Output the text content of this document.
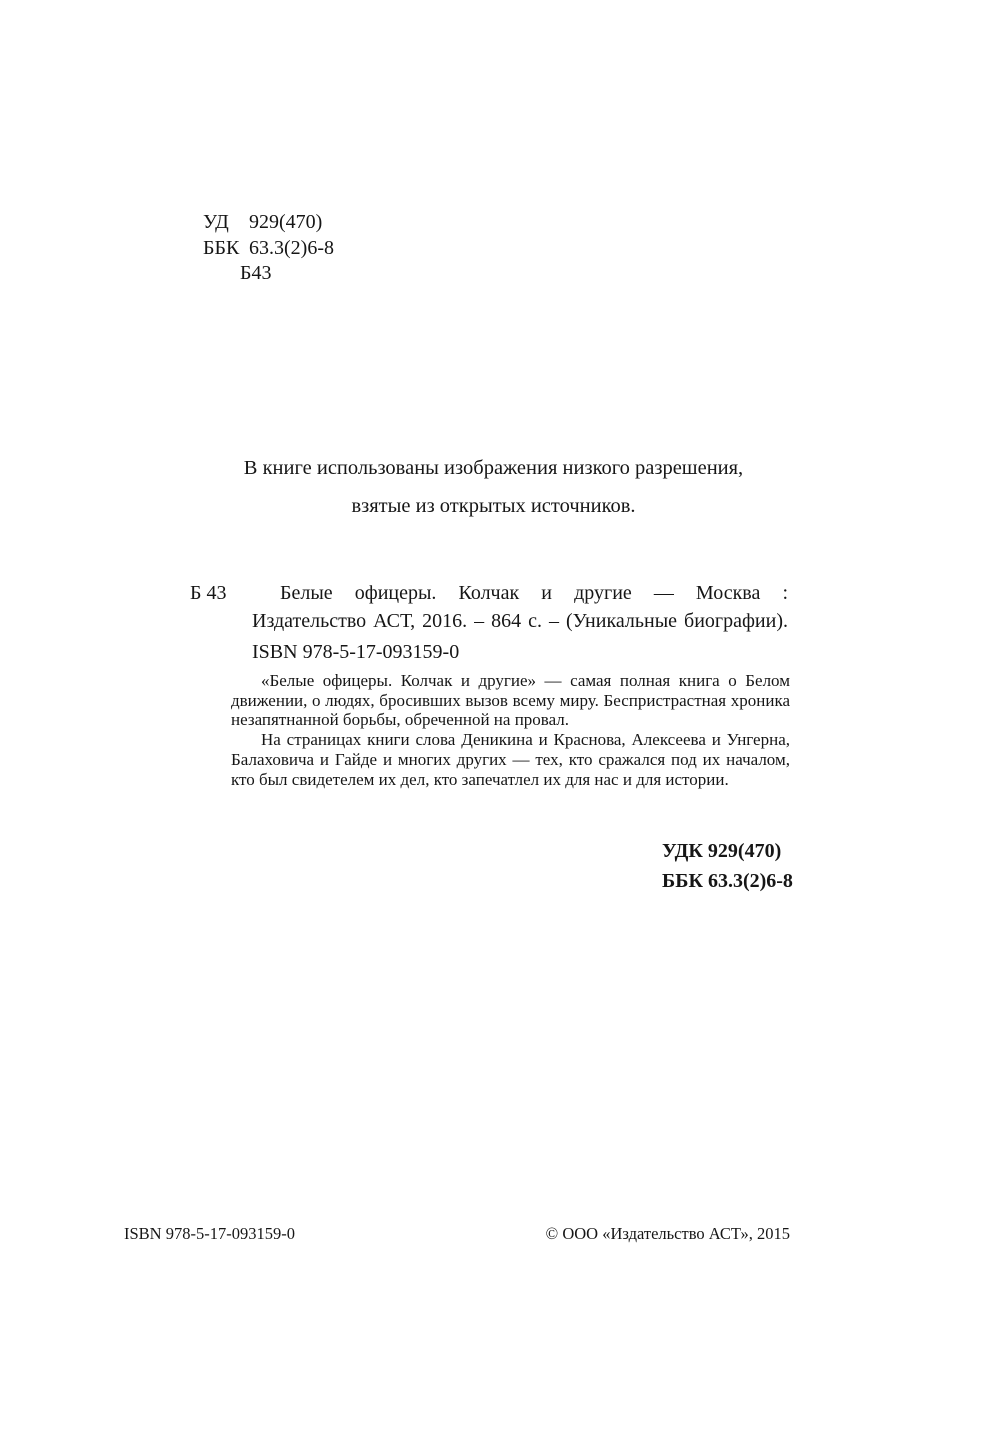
УД 929(470)
ББК 63.3(2)6-8
Б43
В книге использованы изображения низкого разрешения,
взятые из открытых источников.
Б 43	Белые офицеры. Колчак и другие — Москва :
Издательство АСТ, 2016. – 864 с. – (Уникальные биографии).
ISBN 978-5-17-093159-0

«Белые офицеры. Колчак и другие» — самая полная книга о Белом движении, о людях, бросивших вызов всему миру. Беспристрастная хроника незапятнанной борьбы, обреченной на провал.

На страницах книги слова Деникина и Краснова, Алексеева и Унгерна, Балаховича и Гайде и многих других — тех, кто сражался под их началом, кто был свидетелем их дел, кто запечатлел их для нас и для истории.

УДК 929(470)
ББК 63.3(2)6-8
ISBN 978-5-17-093159-0	© ООО «Издательство АСТ», 2015
